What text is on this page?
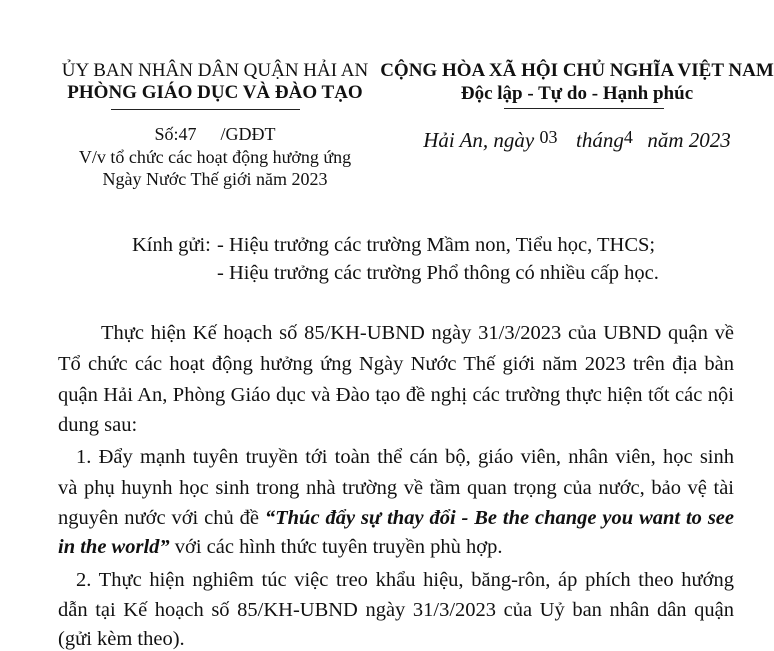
ỦY BAN NHÂN DÂN QUẬN HẢI AN
PHÒNG GIÁO DỤC VÀ ĐÀO TẠO
Số:47 /GDĐT
V/v tổ chức các hoạt động hưởng ứng
Ngày Nước Thế giới năm 2023
CỘNG HÒA XÃ HỘI CHỦ NGHĨA VIỆT NAM
Độc lập - Tự do - Hạnh phúc
Hải An, ngày 03 tháng4 năm 2023
Kính gửi: - Hiệu trưởng các trường Mầm non, Tiểu học, THCS;
- Hiệu trưởng các trường Phổ thông có nhiều cấp học.
Thực hiện Kế hoạch số 85/KH-UBND ngày 31/3/2023 của UBND quận về
Tổ chức các hoạt động hưởng ứng Ngày Nước Thế giới năm 2023 trên địa bàn
quận Hải An, Phòng Giáo dục và Đào tạo đề nghị các trường thực hiện tốt các nội
dung sau:
1. Đẩy mạnh tuyên truyền tới toàn thể cán bộ, giáo viên, nhân viên, học sinh
và phụ huynh học sinh trong nhà trường về tầm quan trọng của nước, bảo vệ tài
nguyên nước với chủ đề “Thúc đẩy sự thay đổi - Be the change you want to see
in the world” với các hình thức tuyên truyền phù hợp.
2. Thực hiện nghiêm túc việc treo khẩu hiệu, băng-rôn, áp phích theo hướng
dẫn tại Kế hoạch số 85/KH-UBND ngày 31/3/2023 của Uỷ ban nhân dân quận
(gửi kèm theo).
